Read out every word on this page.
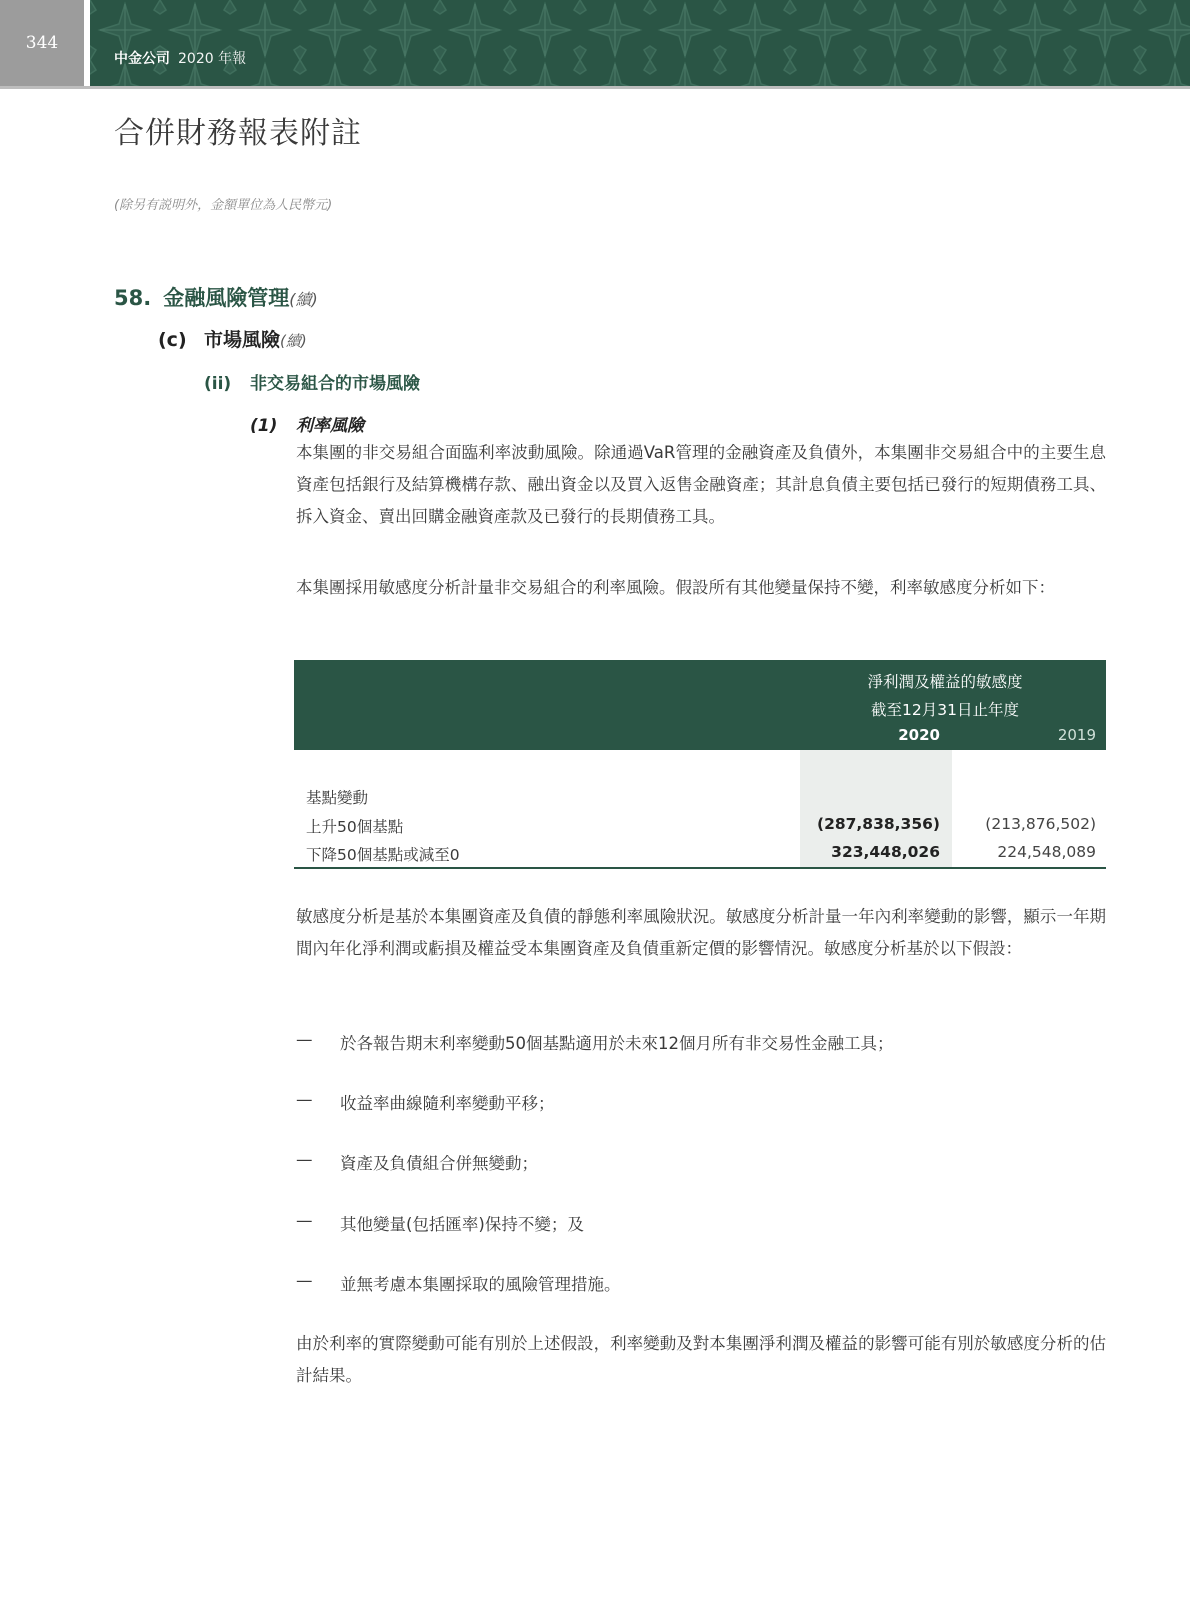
344
中金公司 2020 年報
合併財務報表附註
(除另有説明外，金額單位為人民幣元)
58. 金融風險管理(續)
(c) 市場風險(續)
(ii) 非交易組合的市場風險
(1) 利率風險
本集團的非交易組合面臨利率波動風險。除通過VaR管理的金融資產及負債外，本集團非交易組合中的主要生息資產包括銀行及結算機構存款、融出資金以及買入返售金融資產；其計息負債主要包括已發行的短期債務工具、拆入資金、賣出回購金融資產款及已發行的長期債務工具。
本集團採用敏感度分析計量非交易組合的利率風險。假設所有其他變量保持不變，利率敏感度分析如下：
淨利潤及權益的敏感度
截至12月31日止年度
2020	2019
基點變動
上升50個基點	(287,838,356)	(213,876,502)
下降50個基點或減至0	323,448,026	224,548,089
敏感度分析是基於本集團資產及負債的靜態利率風險狀況。敏感度分析計量一年內利率變動的影響，顯示一年期間內年化淨利潤或虧損及權益受本集團資產及負債重新定價的影響情況。敏感度分析基於以下假設：
— 於各報告期末利率變動50個基點適用於未來12個月所有非交易性金融工具；
— 收益率曲線隨利率變動平移；
— 資產及負債組合併無變動；
— 其他變量(包括匯率)保持不變；及
— 並無考慮本集團採取的風險管理措施。
由於利率的實際變動可能有別於上述假設，利率變動及對本集團淨利潤及權益的影響可能有別於敏感度分析的估計結果。
